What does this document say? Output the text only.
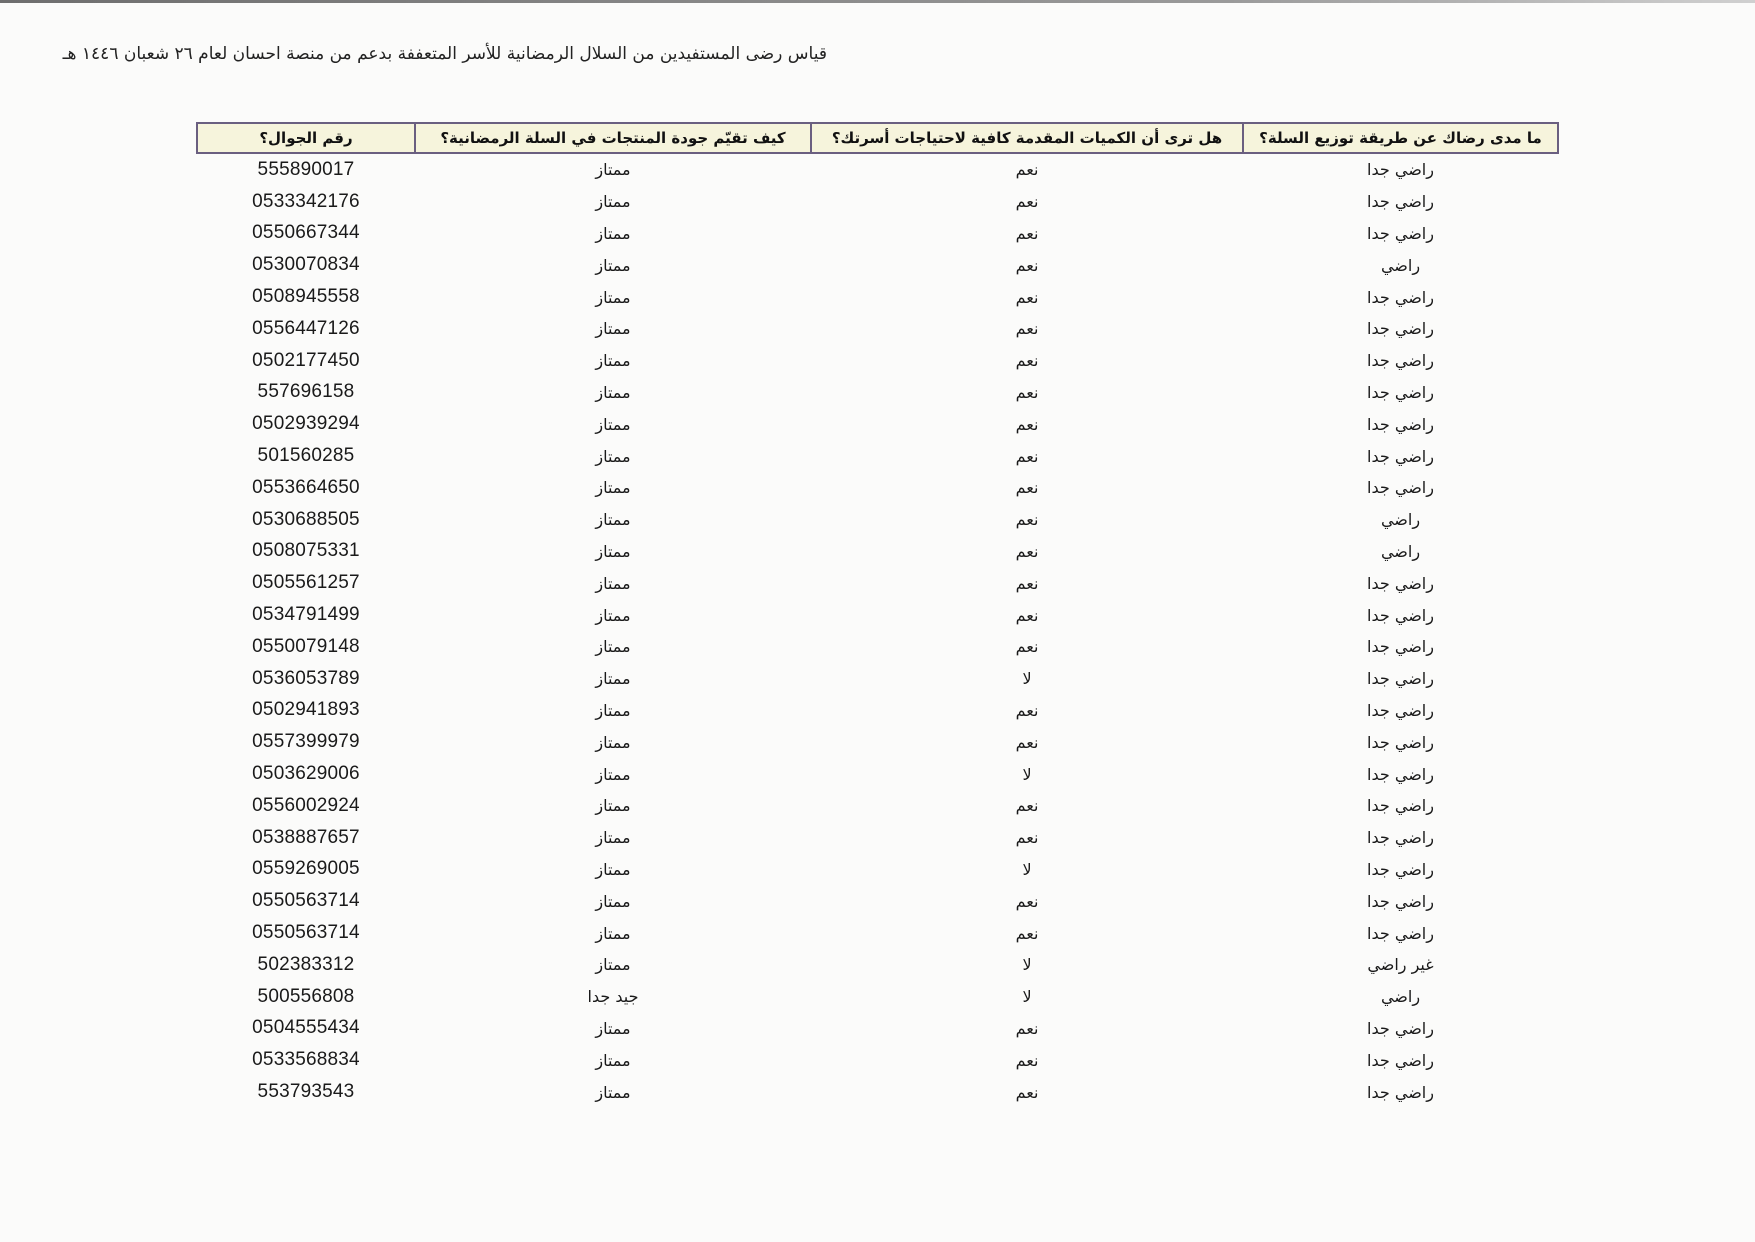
قياس رضى المستفيدين من السلال الرمضانية للأسر المتعففة بدعم من منصة احسان لعام ٢٦ شعبان ١٤٤٦ هـ
ما مدى رضاك عن طريقة توزيع السلة؟	هل ترى أن الكميات المقدمة كافية لاحتياجات أسرتك؟	كيف تقيّم جودة المنتجات في السلة الرمضانية؟	رقم الجوال؟
راضي جدا	نعم	ممتاز	555890017
راضي جدا	نعم	ممتاز	0533342176
راضي جدا	نعم	ممتاز	0550667344
راضي	نعم	ممتاز	0530070834
راضي جدا	نعم	ممتاز	0508945558
راضي جدا	نعم	ممتاز	0556447126
راضي جدا	نعم	ممتاز	0502177450
راضي جدا	نعم	ممتاز	557696158
راضي جدا	نعم	ممتاز	0502939294
راضي جدا	نعم	ممتاز	501560285
راضي جدا	نعم	ممتاز	0553664650
راضي	نعم	ممتاز	0530688505
راضي	نعم	ممتاز	0508075331
راضي جدا	نعم	ممتاز	0505561257
راضي جدا	نعم	ممتاز	0534791499
راضي جدا	نعم	ممتاز	0550079148
راضي جدا	لا	ممتاز	0536053789
راضي جدا	نعم	ممتاز	0502941893
راضي جدا	نعم	ممتاز	0557399979
راضي جدا	لا	ممتاز	0503629006
راضي جدا	نعم	ممتاز	0556002924
راضي جدا	نعم	ممتاز	0538887657
راضي جدا	لا	ممتاز	0559269005
راضي جدا	نعم	ممتاز	0550563714
راضي جدا	نعم	ممتاز	0550563714
غير راضي	لا	ممتاز	502383312
راضي	لا	جيد جدا	500556808
راضي جدا	نعم	ممتاز	0504555434
راضي جدا	نعم	ممتاز	0533568834
راضي جدا	نعم	ممتاز	553793543
